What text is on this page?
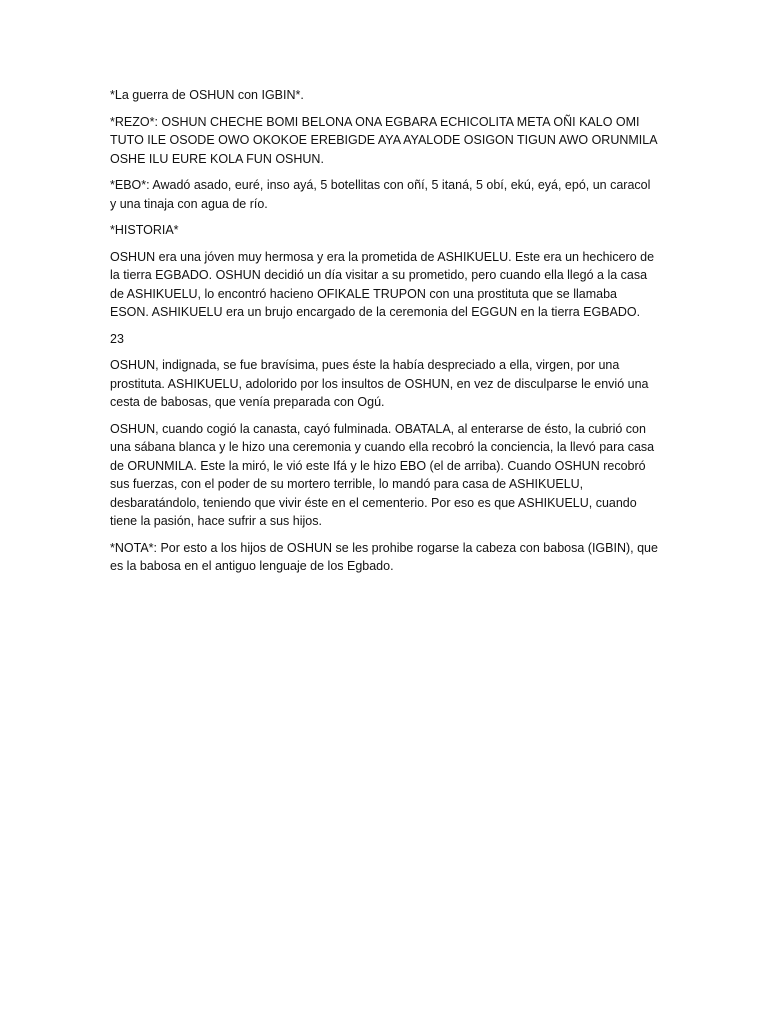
*La guerra de OSHUN con IGBIN*.

*REZO*: OSHUN CHECHE BOMI BELONA ONA EGBARA ECHICOLITA META OÑI KALO OMI TUTO ILE OSODE OWO OKOKOE EREBIGDE AYA AYALODE OSIGON TIGUN AWO ORUNMILA OSHE ILU EURE KOLA FUN OSHUN.

*EBO*: Awadó asado, euré, inso ayá, 5 botellitas con oñí, 5 itaná, 5 obí, ekú, eyá, epó, un caracol y una tinaja con agua de río.

*HISTORIA*

OSHUN era una jóven muy hermosa y era la prometida de ASHIKUELU. Este era un hechicero de la tierra EGBADO. OSHUN decidió un día visitar a su prometido, pero cuando ella llegó a la casa de ASHIKUELU, lo encontró hacieno OFIKALE TRUPON con una prostituta que se llamaba ESON. ASHIKUELU era un brujo encargado de la ceremonia del EGGUN en la tierra EGBADO.

23

OSHUN, indignada, se fue bravísima, pues éste la había despreciado a ella, virgen, por una prostituta. ASHIKUELU, adolorido por los insultos de OSHUN, en vez de disculparse le envió una cesta de babosas, que venía preparada con Ogú.

OSHUN, cuando cogió la canasta, cayó fulminada. OBATALA, al enterarse de ésto, la cubrió con una sábana blanca y le hizo una ceremonia y cuando ella recobró la conciencia, la llevó para casa de ORUNMILA. Este la miró, le vió este Ifá y le hizo EBO (el de arriba). Cuando OSHUN recobró sus fuerzas, con el poder de su mortero terrible, lo mandó para casa de ASHIKUELU, desbaratándolo, teniendo que vivir éste en el cementerio. Por eso es que ASHIKUELU, cuando tiene la pasión, hace sufrir a sus hijos.

*NOTA*: Por esto a los hijos de OSHUN se les prohibe rogarse la cabeza con babosa (IGBIN), que es la babosa en el antiguo lenguaje de los Egbado.
